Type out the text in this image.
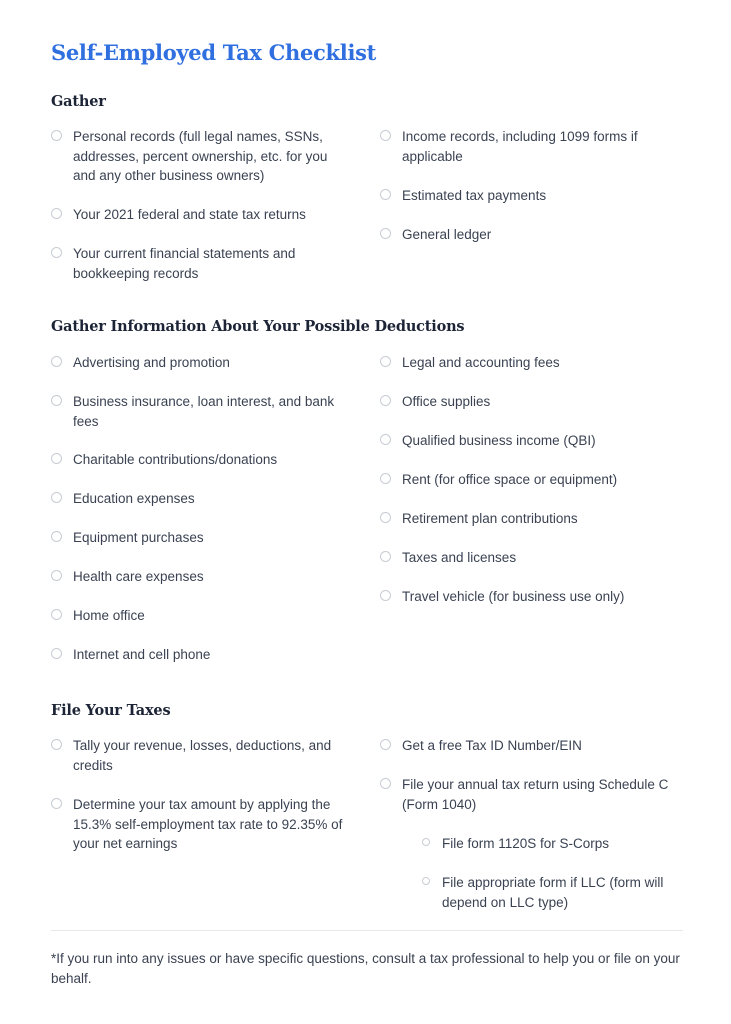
Self-Employed Tax Checklist
Gather
Personal records (full legal names, SSNs, addresses, percent ownership, etc. for you and any other business owners)
Your 2021 federal and state tax returns
Your current financial statements and bookkeeping records
Income records, including 1099 forms if applicable
Estimated tax payments
General ledger
Gather Information About Your Possible Deductions
Advertising and promotion
Business insurance, loan interest, and bank fees
Charitable contributions/donations
Education expenses
Equipment purchases
Health care expenses
Home office
Internet and cell phone
Legal and accounting fees
Office supplies
Qualified business income (QBI)
Rent (for office space or equipment)
Retirement plan contributions
Taxes and licenses
Travel vehicle (for business use only)
File Your Taxes
Tally your revenue, losses, deductions, and credits
Determine your tax amount by applying the 15.3% self-employment tax rate to 92.35% of your net earnings
Get a free Tax ID Number/EIN
File your annual tax return using Schedule C (Form 1040)
File form 1120S for S-Corps
File appropriate form if LLC (form will depend on LLC type)
*If you run into any issues or have specific questions, consult a tax professional to help you or file on your behalf.
